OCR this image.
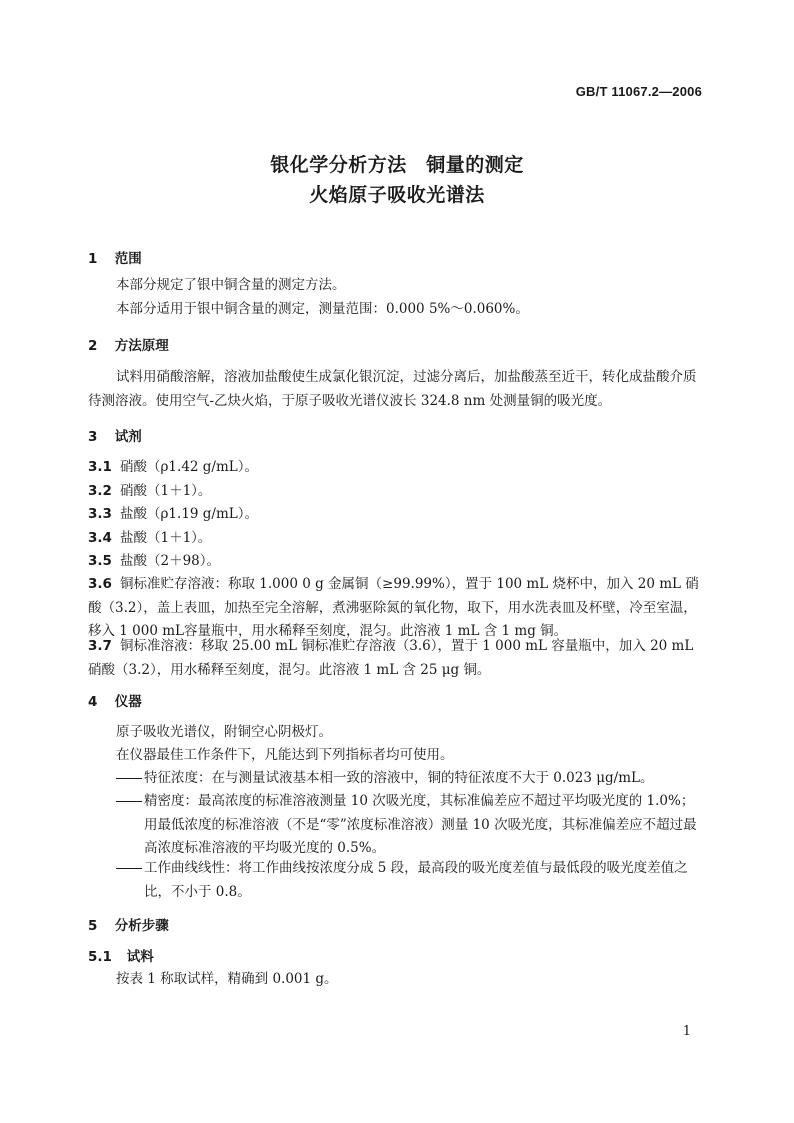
GB/T 11067.2—2006
银化学分析方法　铜量的测定
火焰原子吸收光谱法
1 范围
本部分规定了银中铜含量的测定方法。
本部分适用于银中铜含量的测定，测量范围：0.000 5%～0.060%。
2 方法原理
试料用硝酸溶解，溶液加盐酸使生成氯化银沉淀，过滤分离后，加盐酸蒸至近干，转化成盐酸介质待测溶液。使用空气-乙炔火焰，于原子吸收光谱仪波长 324.8 nm 处测量铜的吸光度。
3 试剂
3.1 硝酸（ρ1.42 g/mL）。
3.2 硝酸（1＋1）。
3.3 盐酸（ρ1.19 g/mL）。
3.4 盐酸（1＋1）。
3.5 盐酸（2＋98）。
3.6 铜标准贮存溶液：称取 1.000 0 g 金属铜（≥99.99%），置于 100 mL 烧杯中，加入 20 mL 硝酸（3.2），盖上表皿，加热至完全溶解，煮沸驱除氮的氧化物，取下，用水洗表皿及杯壁，冷至室温，移入 1 000 mL容量瓶中，用水稀释至刻度，混匀。此溶液 1 mL 含 1 mg 铜。
3.7 铜标准溶液：移取 25.00 mL 铜标准贮存溶液（3.6），置于 1 000 mL 容量瓶中，加入 20 mL 硝酸（3.2），用水稀释至刻度，混匀。此溶液 1 mL 含 25 μg 铜。
4 仪器
原子吸收光谱仪，附铜空心阴极灯。
在仪器最佳工作条件下，凡能达到下列指标者均可使用。
特征浓度：在与测量试液基本相一致的溶液中，铜的特征浓度不大于 0.023 μg/mL。
精密度：最高浓度的标准溶液测量 10 次吸光度，其标准偏差应不超过平均吸光度的 1.0%；用最低浓度的标准溶液（不是“零”浓度标准溶液）测量 10 次吸光度，其标准偏差应不超过最高浓度标准溶液的平均吸光度的 0.5%。
工作曲线线性：将工作曲线按浓度分成 5 段，最高段的吸光度差值与最低段的吸光度差值之比，不小于 0.8。
5 分析步骤
5.1 试料
按表 1 称取试样，精确到 0.001 g。
1
